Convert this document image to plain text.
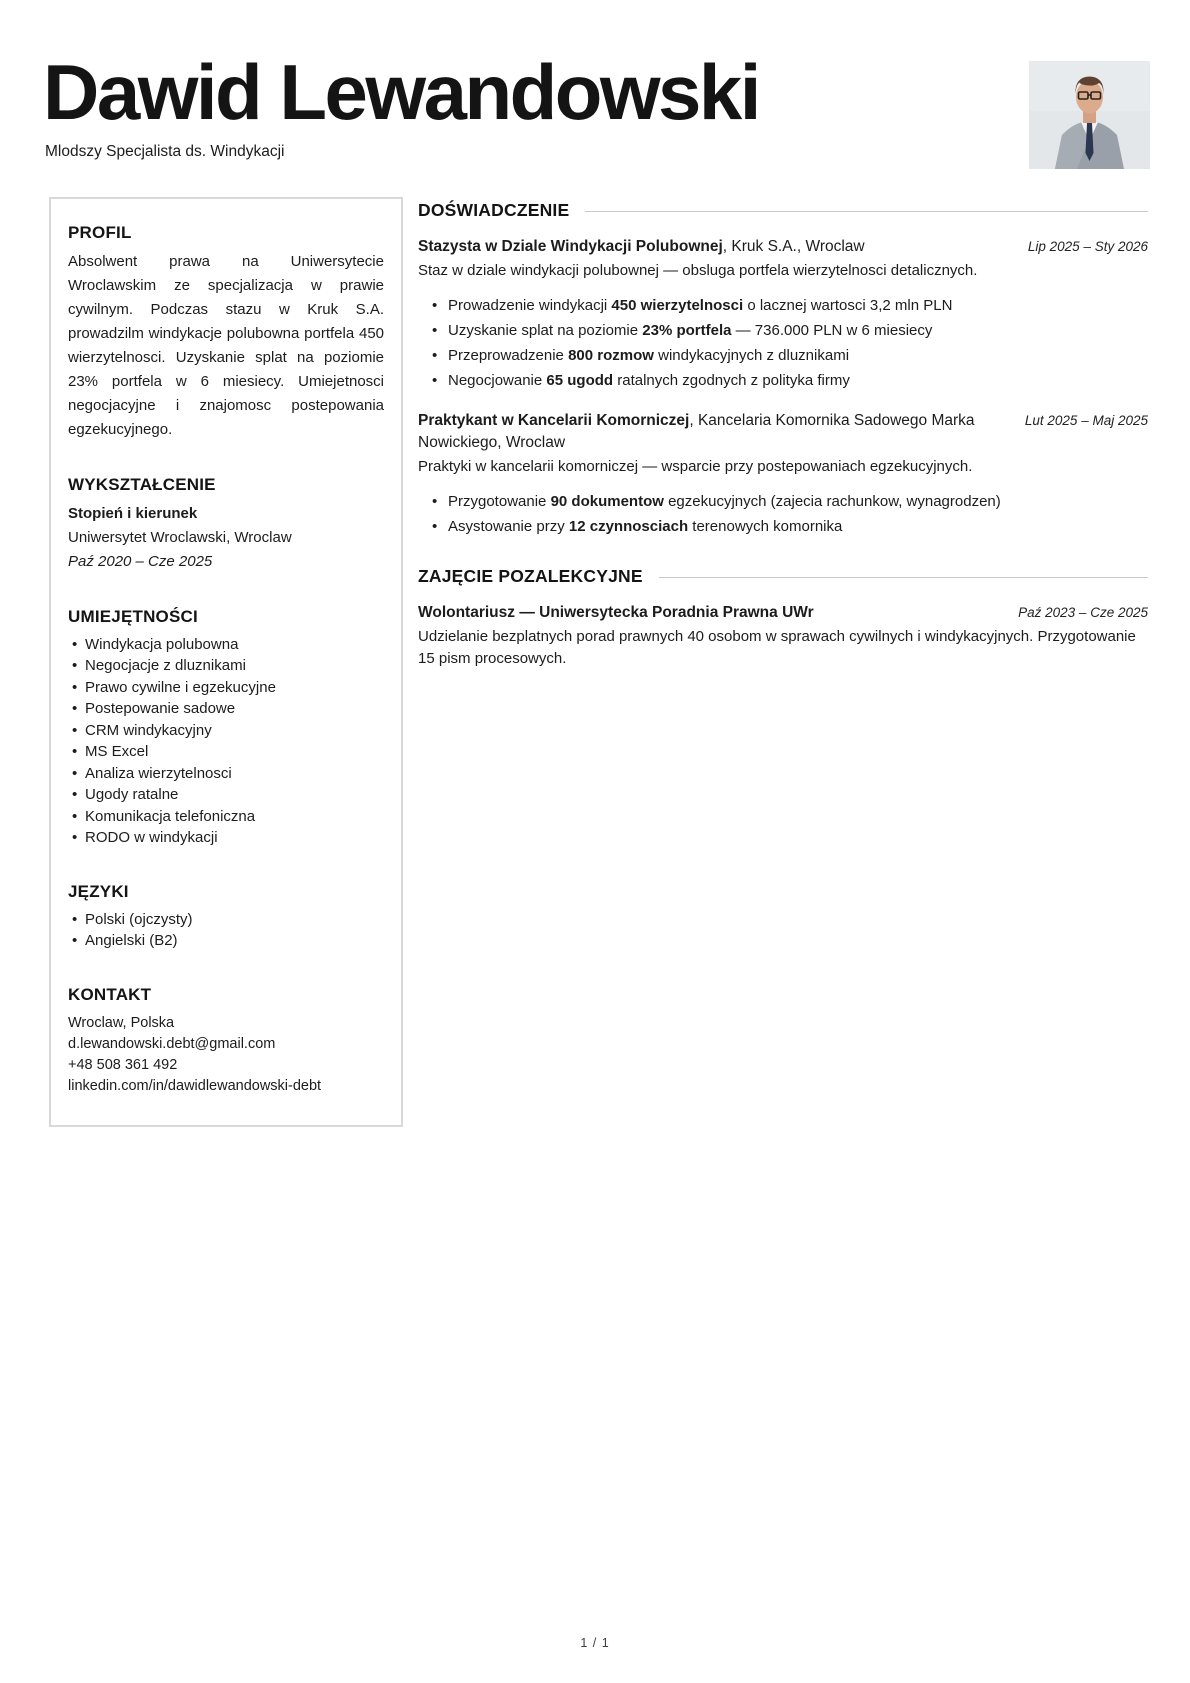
Dawid Lewandowski
Mlodszy Specjalista ds. Windykacji
PROFIL

Absolwent prawa na Uniwersytecie Wroclawskim ze specjalizacja w prawie cywilnym. Podczas stazu w Kruk S.A. prowadzilm windykacje polubowna portfela 450 wierzytelnosci. Uzyskanie splat na poziomie 23% portfela w 6 miesiecy. Umiejetnosci negocjacyjne i znajomosc postepowania egzekucyjnego.

WYKSZTAŁCENIE
Stopień i kierunek
Uniwersytet Wroclawski, Wroclaw
Paź 2020 – Cze 2025
UMIEJĘTNOŚCI
• Windykacja polubowna
• Negocjacje z dluznikami
• Prawo cywilne i egzekucyjne
• Postepowanie sadowe
• CRM windykacyjny
• MS Excel
• Analiza wierzytelnosci
• Ugody ratalne
• Komunikacja telefoniczna
• RODO w windykacji
JĘZYKI
• Polski (ojczysty)
• Angielski (B2)
KONTAKT
Wroclaw, Polska
d.lewandowski.debt@gmail.com
+48 508 361 492
linkedin.com/in/dawidlewandowski-debt
DOŚWIADCZENIE
Stazysta w Dziale Windykacji Polubownej, Kruk S.A., Wroclaw	Lip 2025 – Sty 2026

Staz w dziale windykacji polubownej — obsluga portfela wierzytelnosci detalicznych.

• Prowadzenie windykacji 450 wierzytelnosci o lacznej wartosci 3,2 mln PLN
• Uzyskanie splat na poziomie 23% portfela — 736.000 PLN w 6 miesiecy
• Przeprowadzenie 800 rozmow windykacyjnych z dluznikami
• Negocjowanie 65 ugodd ratalnych zgodnych z polityka firmy
Praktykant w Kancelarii Komorniczej, Kancelaria Komornika Sadowego Marka Nowickiego, Wroclaw
Lut 2025 – Maj 2025

Praktyki w kancelarii komorniczej — wsparcie przy postepowaniach egzekucyjnych.

• Przygotowanie 90 dokumentow egzekucyjnych (zajecia rachunkow, wynagrodzen)
• Asystowanie przy 12 czynnosciach terenowych komornika
ZAJĘCIE POZALEKCYJNE
Wolontariusz — Uniwersytecka Poradnia Prawna UWr	Paź 2023 – Cze 2025

Udzielanie bezplatnych porad prawnych 40 osobom w sprawach cywilnych i windykacyjnych. Przygotowanie 15 pism procesowych.

1 / 1
